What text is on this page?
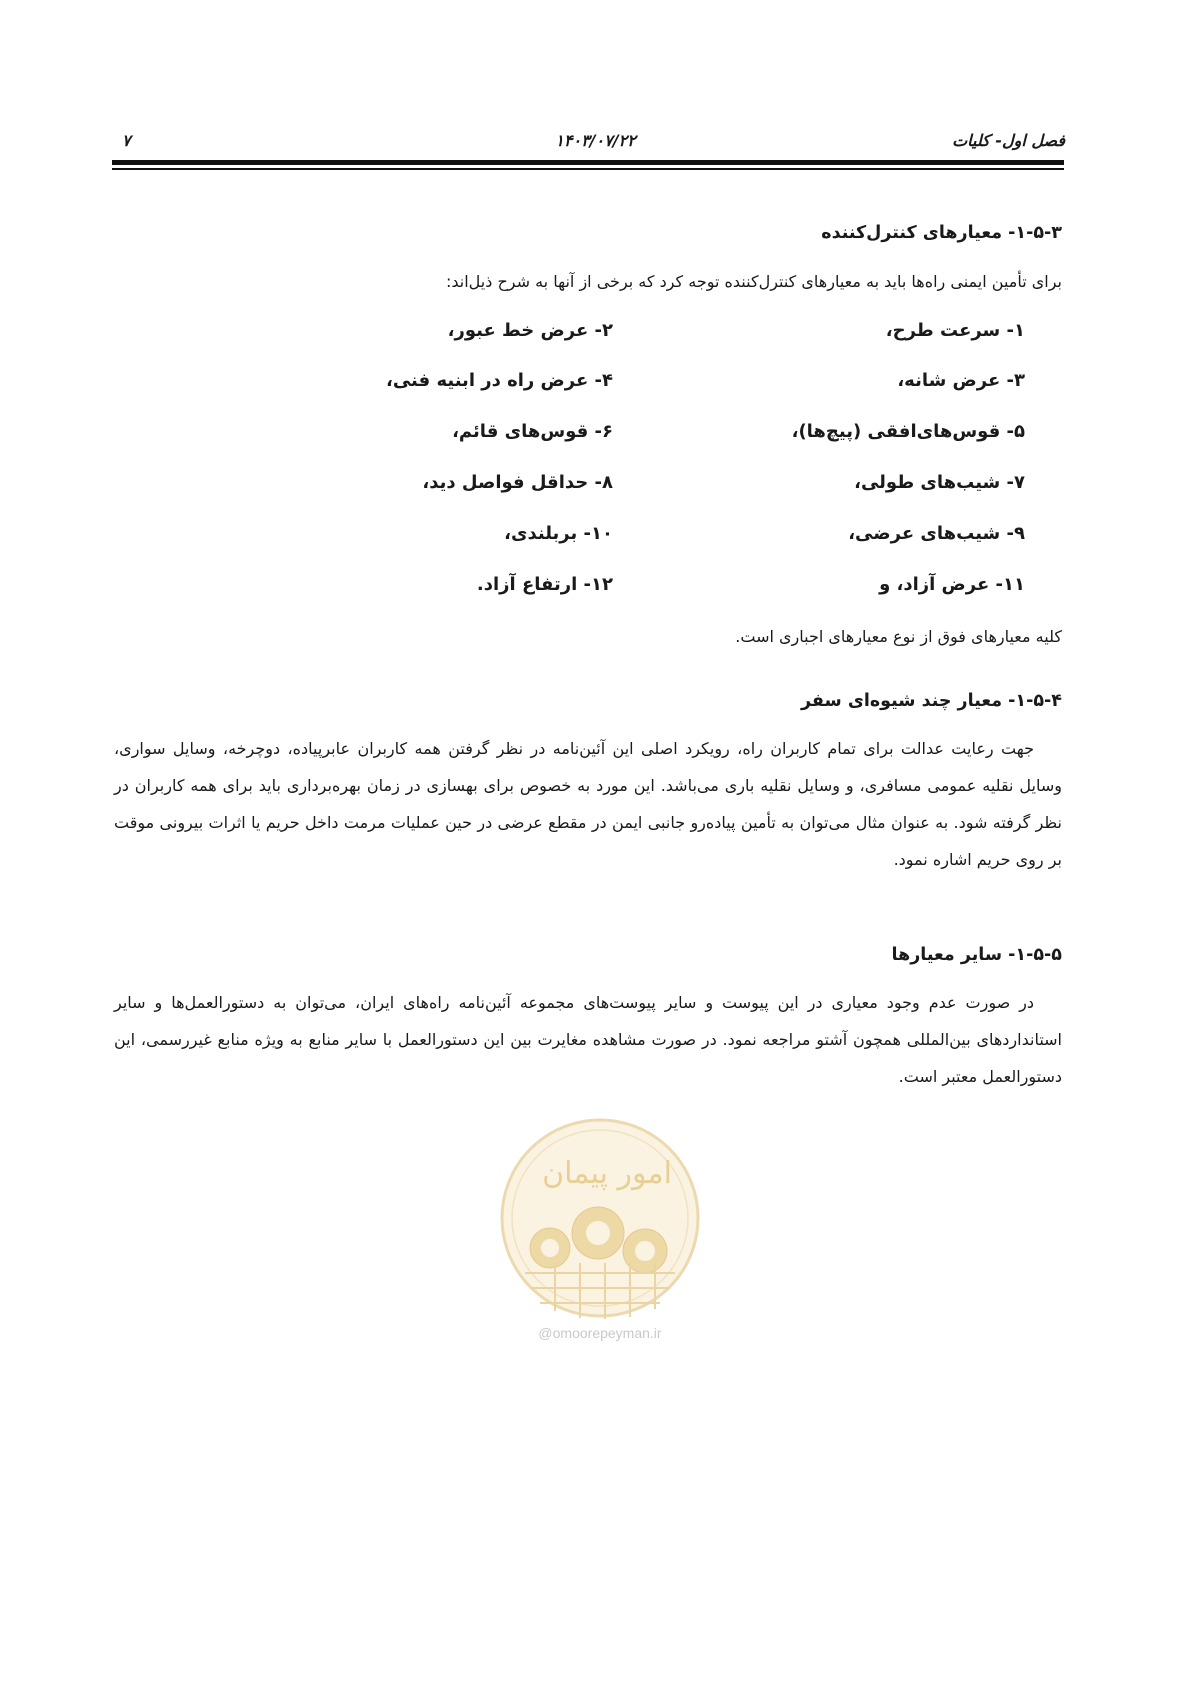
فصل اول- کلیات
۱۴۰۳/۰۷/۲۲
۷
۱-۵-۳- معیارهای کنترل‌کننده

برای تأمین ایمنی راه‌ها باید به معیارهای کنترل‌کننده توجه کرد که برخی از آنها به شرح ذیل‌اند:

۱- سرعت طرح،
۲- عرض خط عبور،
۳- عرض شانه،
۴- عرض راه در ابنیه فنی،
۵- قوس‌های‌افقی (پیچ‌ها)،
۶- قوس‌های قائم،
۷- شیب‌های طولی،
۸- حداقل فواصل دید،
۹- شیب‌های عرضی،
۱۰- بربلندی،
۱۱- عرض آزاد، و
۱۲- ارتفاع آزاد.

کلیه معیارهای فوق از نوع معیارهای اجباری است.

۱-۵-۴- معیار چند شیوه‌ای سفر

جهت رعایت عدالت برای تمام کاربران راه، رویکرد اصلی این آئین‌نامه در نظر گرفتن همه کاربران عابرپیاده، دوچرخه، وسایل سواری، وسایل نقلیه عمومی مسافری، و وسایل نقلیه باری می‌باشد. این مورد به خصوص برای بهسازی در زمان بهره‌برداری باید برای همه کاربران در نظر گرفته شود. به عنوان مثال می‌توان به تأمین پیاده‌رو جانبی ایمن در مقطع عرضی در حین عملیات مرمت داخل حریم یا اثرات بیرونی موقت بر روی حریم اشاره نمود.

۱-۵-۵- سایر معیارها

در صورت عدم وجود معیاری در این پیوست و سایر پیوست‌های مجموعه آئین‌نامه راه‌های ایران، می‌توان به دستورالعمل‌ها و سایر استانداردهای بین‌المللی همچون آشتو مراجعه نمود. در صورت مشاهده مغایرت بین این دستورالعمل با سایر منابع به ویژه منابع غیررسمی، این دستورالعمل معتبر است.

امور پیمان
@omoorepeyman.ir
